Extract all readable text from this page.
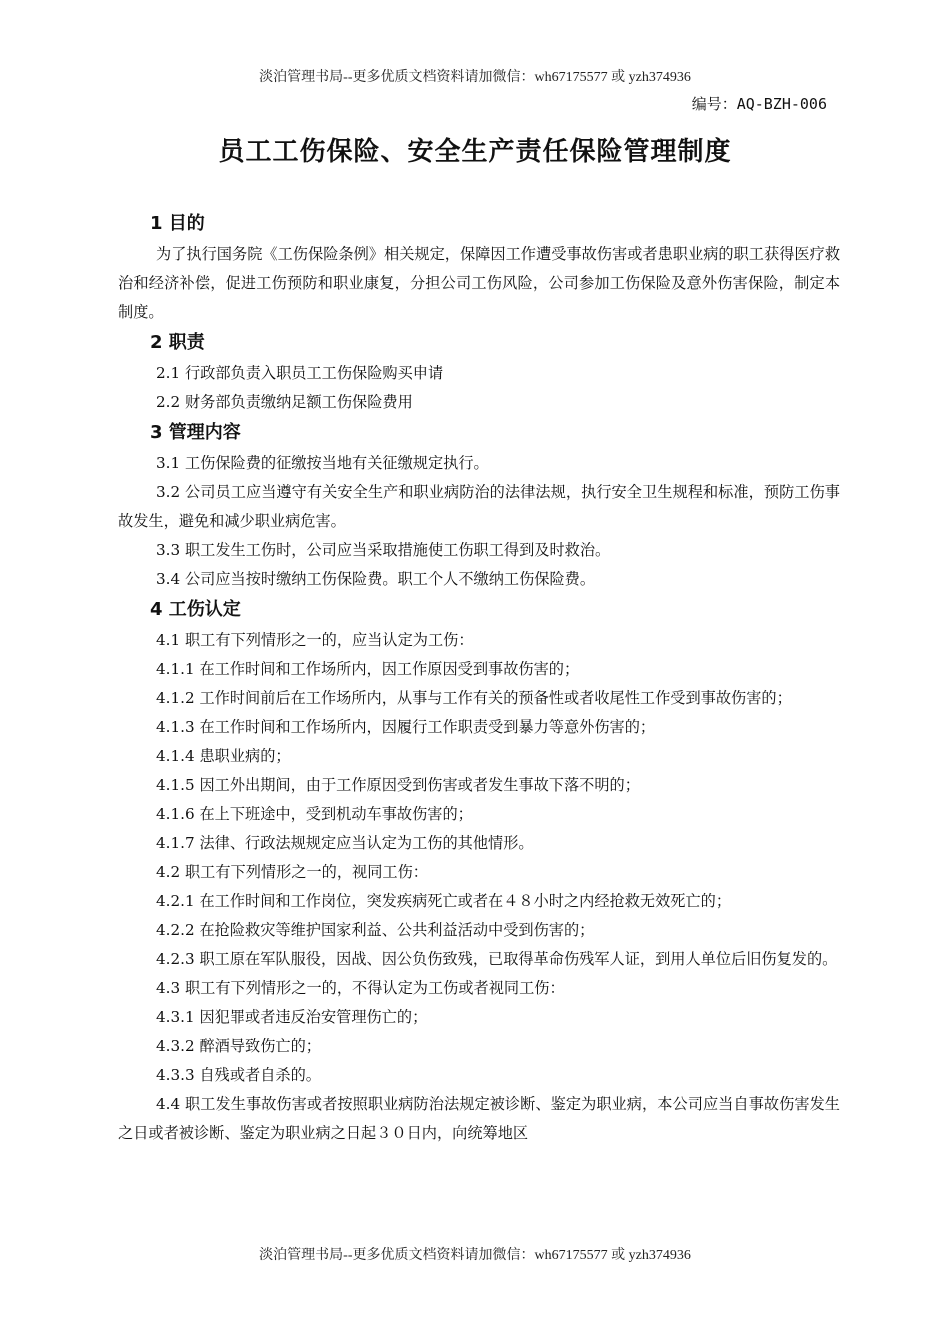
淡泊管理书局--更多优质文档资料请加微信：wh67175577 或 yzh374936
编号：AQ-BZH-006
员工工伤保险、安全生产责任保险管理制度
1 目的

为了执行国务院《工伤保险条例》相关规定，保障因工作遭受事故伤害或者患职业病的职工获得医疗救治和经济补偿，促进工伤预防和职业康复，分担公司工伤风险，公司参加工伤保险及意外伤害保险，制定本制度。

2 职责

2.1 行政部负责入职员工工伤保险购买申请

2.2 财务部负责缴纳足额工伤保险费用

3 管理内容

3.1 工伤保险费的征缴按当地有关征缴规定执行。

3.2 公司员工应当遵守有关安全生产和职业病防治的法律法规，执行安全卫生规程和标准，预防工伤事故发生，避免和减少职业病危害。

3.3 职工发生工伤时，公司应当采取措施使工伤职工得到及时救治。

3.4 公司应当按时缴纳工伤保险费。职工个人不缴纳工伤保险费。

4 工伤认定

4.1 职工有下列情形之一的，应当认定为工伤：

4.1.1 在工作时间和工作场所内，因工作原因受到事故伤害的；

4.1.2 工作时间前后在工作场所内，从事与工作有关的预备性或者收尾性工作受到事故伤害的；

4.1.3 在工作时间和工作场所内，因履行工作职责受到暴力等意外伤害的；

4.1.4 患职业病的；

4.1.5 因工外出期间，由于工作原因受到伤害或者发生事故下落不明的；

4.1.6 在上下班途中，受到机动车事故伤害的；

4.1.7 法律、行政法规规定应当认定为工伤的其他情形。

4.2 职工有下列情形之一的，视同工伤：

4.2.1 在工作时间和工作岗位，突发疾病死亡或者在４８小时之内经抢救无效死亡的；

4.2.2 在抢险救灾等维护国家利益、公共利益活动中受到伤害的；

4.2.3 职工原在军队服役，因战、因公负伤致残，已取得革命伤残军人证，到用人单位后旧伤复发的。

4.3 职工有下列情形之一的，不得认定为工伤或者视同工伤：

4.3.1 因犯罪或者违反治安管理伤亡的；

4.3.2 醉酒导致伤亡的；

4.3.3 自残或者自杀的。

4.4 职工发生事故伤害或者按照职业病防治法规定被诊断、鉴定为职业病，本公司应当自事故伤害发生之日或者被诊断、鉴定为职业病之日起３０日内，向统筹地区

淡泊管理书局--更多优质文档资料请加微信：wh67175577 或 yzh374936
